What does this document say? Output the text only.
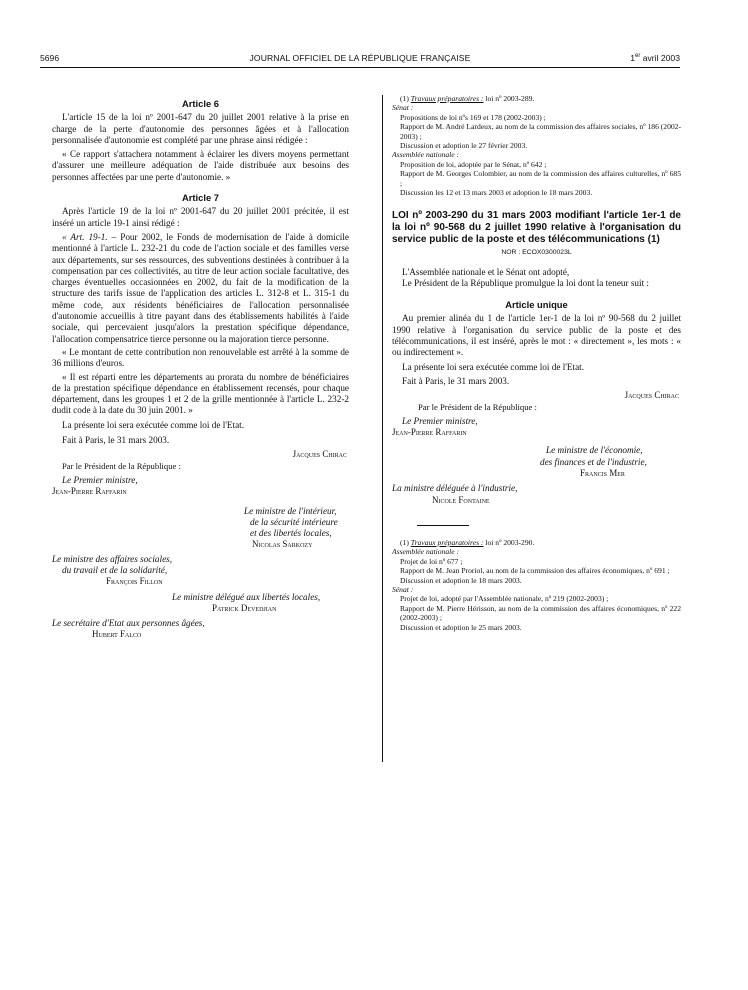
5696	JOURNAL OFFICIEL DE LA RÉPUBLIQUE FRANÇAISE	1er avril 2003

Article 6

L'article 15 de la loi nº 2001-647 du 20 juillet 2001 relative à la prise en charge de la perte d'autonomie des personnes âgées et à l'allocation personnalisée d'autonomie est complété par une phrase ainsi rédigée :

« Ce rapport s'attachera notamment à éclairer les divers moyens permettant d'assurer une meilleure adéquation de l'aide distribuée aux besoins des personnes affectées par une perte d'autonomie. »

Article 7

Après l'article 19 de la loi nº 2001-647 du 20 juillet 2001 précitée, il est inséré un article 19-1 ainsi rédigé :

« Art. 19-1. – Pour 2002, le Fonds de modernisation de l'aide à domicile mentionné à l'article L. 232-21 du code de l'action sociale et des familles verse aux départements, sur ses ressources, des subventions destinées à contribuer à la compensation par ces collectivités, au titre de leur action sociale facultative, des charges éventuelles occasionnées en 2002, du fait de la modification de la structure des tarifs issue de l'application des articles L. 312-8 et L. 315-1 du même code, aux résidents bénéficiaires de l'allocation personnalisée d'autonomie accueillis à titre payant dans des établissements habilités à l'aide sociale, qui percevaient jusqu'alors la prestation spécifique dépendance, l'allocation compensatrice tierce personne ou la majoration tierce personne.

« Le montant de cette contribution non renouvelable est arrêté à la somme de 36 millions d'euros.

« Il est réparti entre les départements au prorata du nombre de bénéficiaires de la prestation spécifique dépendance en établissement recensés, pour chaque département, dans les groupes 1 et 2 de la grille mentionnée à l'article L. 232-2 dudit code à la date du 30 juin 2001. »

La présente loi sera exécutée comme loi de l'Etat.

Fait à Paris, le 31 mars 2003.

Jacques Chirac

Par le Président de la République :

Le Premier ministre,

Jean-Pierre Raffarin

Le ministre de l'intérieur,

de la sécurité intérieure

et des libertés locales,

Nicolas Sarkozy

Le ministre des affaires sociales,

du travail et de la solidarité,

François Fillon

Le ministre délégué aux libertés locales,

Patrick Devedjian

Le secrétaire d'Etat aux personnes âgées,

Hubert Falco

(1) Travaux préparatoires : loi nº 2003-289.

Sénat :

Propositions de loi nºs 169 et 178 (2002-2003) ;

Rapport de M. André Lardeux, au nom de la commission des affaires sociales, nº 186 (2002-2003) ;

Discussion et adoption le 27 février 2003.

Assemblée nationale :

Proposition de loi, adoptée par le Sénat, nº 642 ;

Rapport de M. Georges Colombier, au nom de la commission des affaires culturelles, nº 685 ;

Discussion les 12 et 13 mars 2003 et adoption le 18 mars 2003.

LOI nº 2003-290 du 31 mars 2003 modifiant l'article 1er-1 de la loi nº 90-568 du 2 juillet 1990 relative à l'organisation du service public de la poste et des télécommunications (1)

NOR : ECOX0300023L

L'Assemblée nationale et le Sénat ont adopté,

Le Président de la République promulgue la loi dont la teneur suit :

Article unique

Au premier alinéa du 1 de l'article 1er-1 de la loi nº 90-568 du 2 juillet 1990 relative à l'organisation du service public de la poste et des télécommunications, il est inséré, après le mot : « directement », les mots : « ou indirectement ».

La présente loi sera exécutée comme loi de l'Etat.

Fait à Paris, le 31 mars 2003.

Jacques Chirac

Par le Président de la République :

Le Premier ministre,

Jean-Pierre Raffarin

Le ministre de l'économie,

des finances et de l'industrie,

Francis Mer

La ministre déléguée à l'industrie,

Nicole Fontaine

(1) Travaux préparatoires : loi nº 2003-290.

Assemblée nationale :

Projet de loi nº 677 ;

Rapport de M. Jean Proriol, au nom de la commission des affaires économiques, nº 691 ;

Discussion et adoption le 18 mars 2003.

Sénat :

Projet de loi, adopté par l'Assemblée nationale, nº 219 (2002-2003) ;

Rapport de M. Pierre Hérisson, au nom de la commission des affaires économiques, nº 222 (2002-2003) ;

Discussion et adoption le 25 mars 2003.
